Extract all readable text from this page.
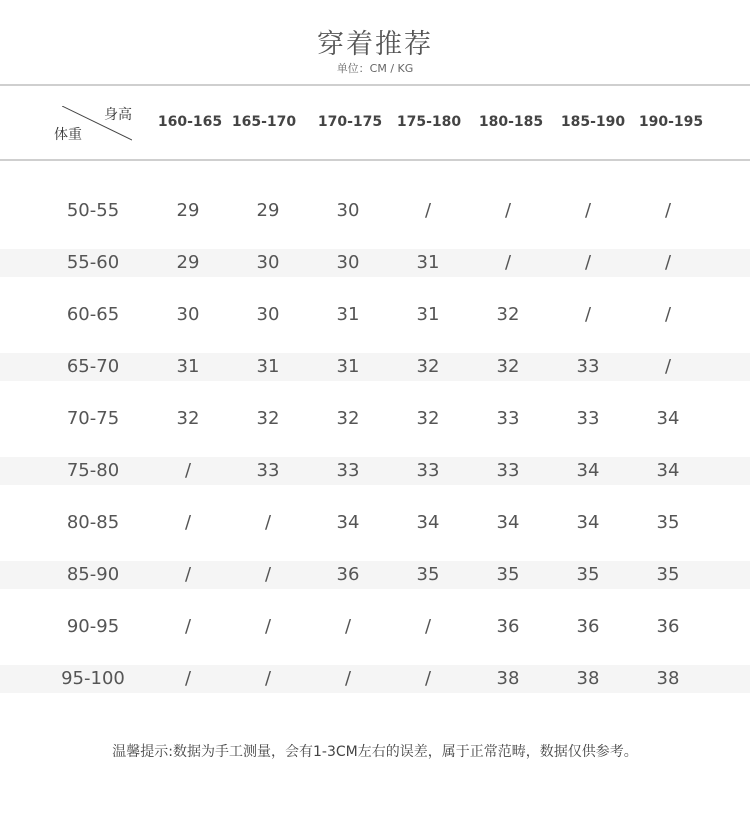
穿着推荐
单位：CM / KG
身高
体重
160-165 165-170	170-175	175-180	180-185	185-190 190-195
50-55	29	29	30	/	/	/	/
55-60	29	30	30	31	/	/	/
60-65	30	30	31	31	32	/	/
65-70	31	31	31	32	32	33	/
70-75	32	32	32	32	33	33	34
75-80	/	33	33	33	33	34	34
80-85	/	/	34	34	34	34	35
85-90	/	/	36	35	35	35	35
90-95	/	/	/	/	36	36	36
95-100	/	/	/	/	38	38	38
温馨提示:数据为手工测量，会有1-3CM左右的误差，属于正常范畴，数据仅供参考。
